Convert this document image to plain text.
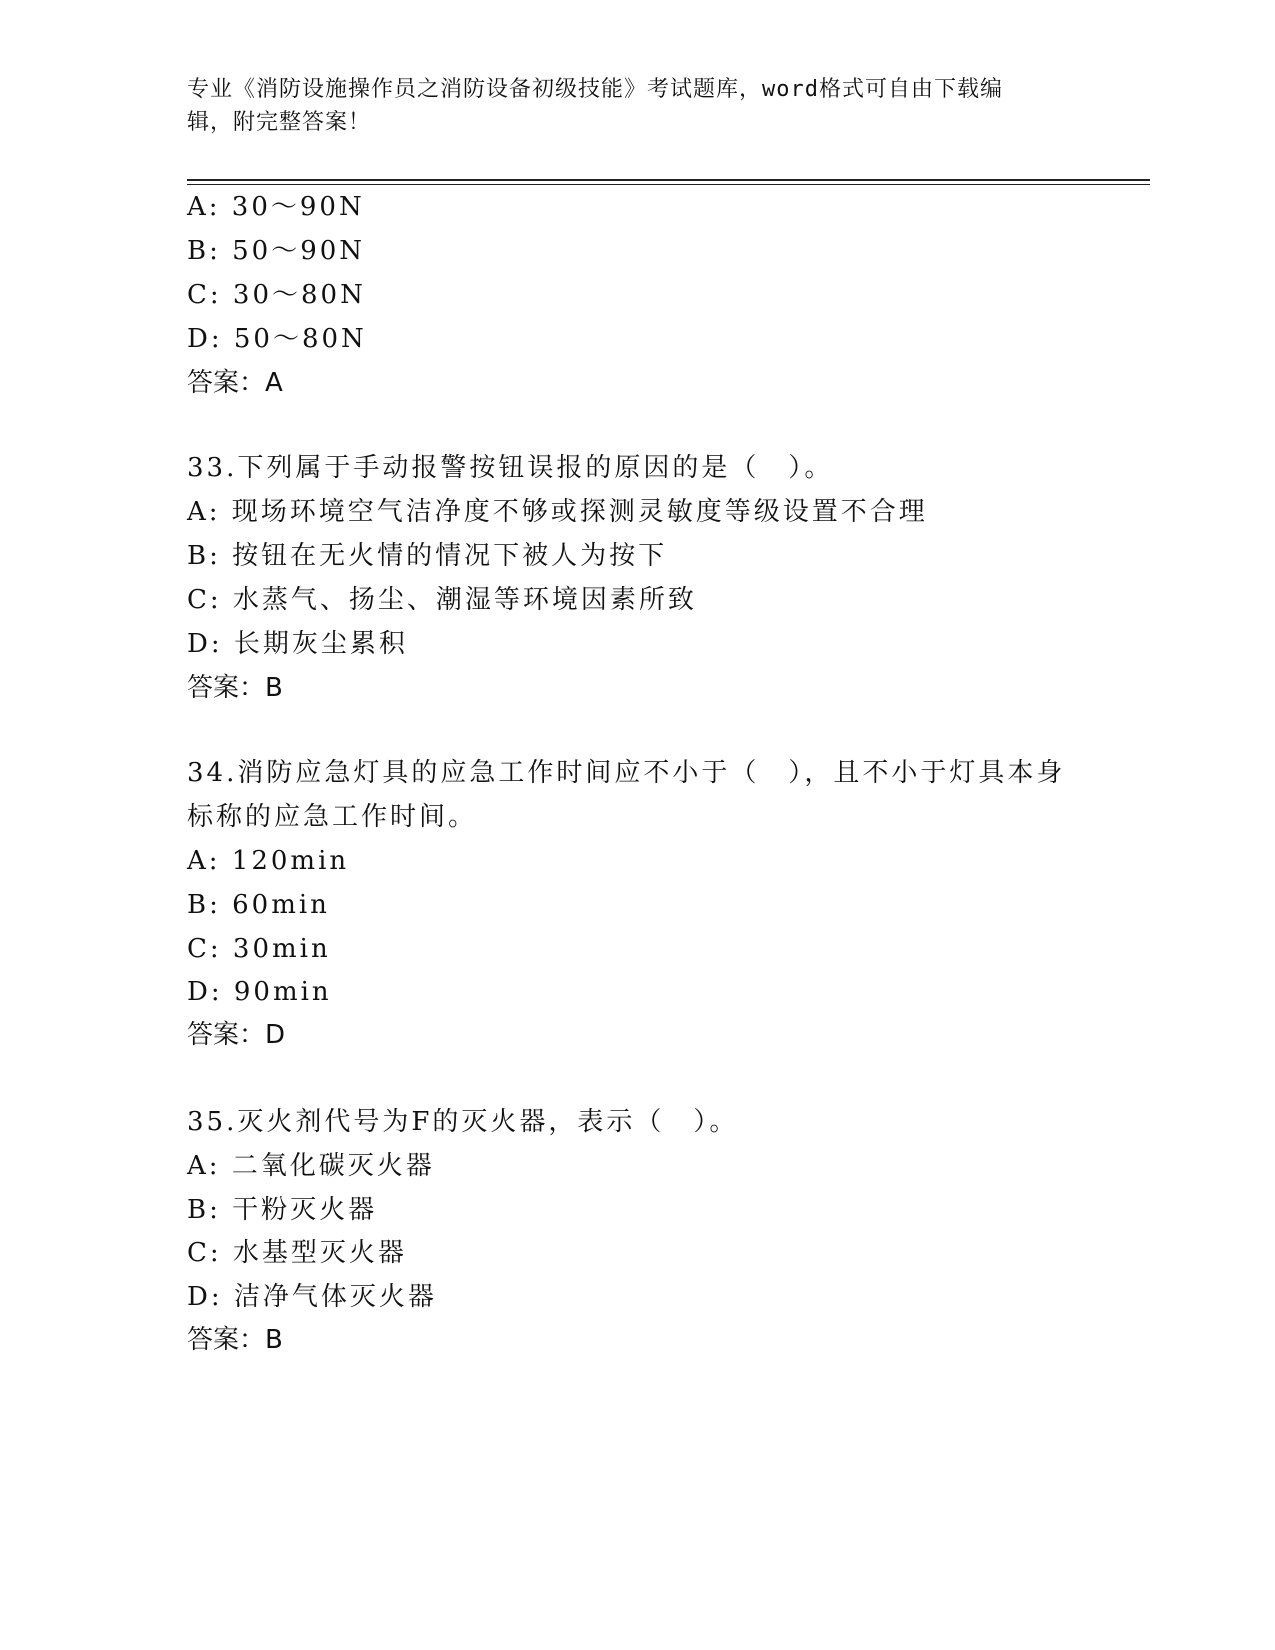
专业《消防设施操作员之消防设备初级技能》考试题库，word格式可自由下载编
辑，附完整答案！
A: 30～90N
B: 50～90N
C: 30～80N
D: 50～80N
答案：A
33.下列属于手动报警按钮误报的原因的是（　）。
A: 现场环境空气洁净度不够或探测灵敏度等级设置不合理
B: 按钮在无火情的情况下被人为按下
C: 水蒸气、扬尘、潮湿等环境因素所致
D: 长期灰尘累积
答案：B
34.消防应急灯具的应急工作时间应不小于（　），且不小于灯具本身
标称的应急工作时间。
A: 120min
B: 60min
C: 30min
D: 90min
答案：D
35.灭火剂代号为F的灭火器，表示（　）。
A: 二氧化碳灭火器
B: 干粉灭火器
C: 水基型灭火器
D: 洁净气体灭火器
答案：B
